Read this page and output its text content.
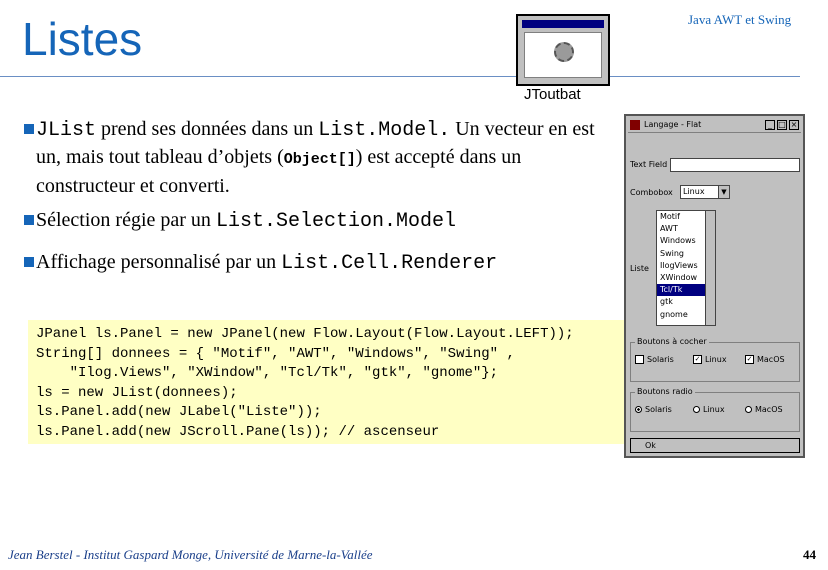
Listes	Java AWT et Swing
JToutbat
JList prend ses données dans un List.Model. Un vecteur en est un, mais tout tableau d’objets (Object[]) est accepté dans un constructeur et converti.
Sélection régie par un List.Selection.Model
Affichage personnalisé par un List.Cell.Renderer
JPanel ls.Panel = new JPanel(new Flow.Layout(Flow.Layout.LEFT));
String[] donnees = { "Motif", "AWT", "Windows", "Swing" ,
"Ilog.Views", "XWindow", "Tcl/Tk", "gtk", "gnome"};
ls = new JList(donnees);
ls.Panel.add(new JLabel("Liste"));
ls.Panel.add(new JScroll.Pane(ls)); // ascenseur
Langage - Flat	_ □ ×
Text Field
Combobox	Linux	▼
Liste
Motif
AWT
Windows
Swing
IlogViews
XWindow
Tcl/Tk
gtk
gnome
Boutons à cocher
Solaris	✓ Linux	✓ MacOS
Boutons radio
Solaris	Linux	MacOS
Ok
Jean Berstel - Institut Gaspard Monge, Université de Marne-la-Vallée	44
